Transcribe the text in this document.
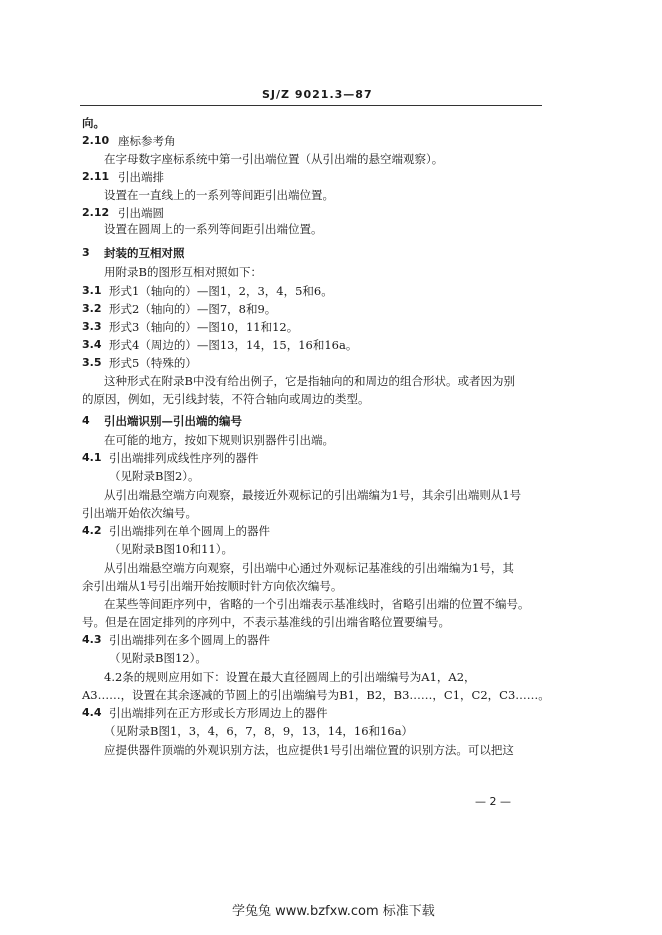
SJ/Z 9021.3—87
向。
2.10 座标参考角
在字母数字座标系统中第一引出端位置（从引出端的悬空端观察）。
2.11 引出端排
设置在一直线上的一系列等间距引出端位置。
2.12 引出端圆
设置在圆周上的一系列等间距引出端位置。
3 封装的互相对照
用附录B的图形互相对照如下：
3.1 形式1（轴向的）—图1，2，3，4，5和6。
3.2 形式2（轴向的）—图7，8和9。
3.3 形式3（轴向的）—图10，11和12。
3.4 形式4（周边的）—图13，14，15，16和16a。
3.5 形式5（特殊的）
这种形式在附录B中没有给出例子，它是指轴向的和周边的组合形状。或者因为别
的原因，例如，无引线封装，不符合轴向或周边的类型。
4 引出端识别—引出端的编号
在可能的地方，按如下规则识别器件引出端。
4.1 引出端排列成线性序列的器件
（见附录B图2）。
从引出端悬空端方向观察，最接近外观标记的引出端编为1号，其余引出端则从1号
引出端开始依次编号。
4.2 引出端排列在单个圆周上的器件
（见附录B图10和11）。
从引出端悬空端方向观察，引出端中心通过外观标记基准线的引出端编为1号，其
余引出端从1号引出端开始按顺时针方向依次编号。
在某些等间距序列中，省略的一个引出端表示基准线时，省略引出端的位置不编号。
号。但是在固定排列的序列中，不表示基准线的引出端省略位置要编号。
4.3 引出端排列在多个圆周上的器件
（见附录B图12）。
4.2条的规则应用如下：设置在最大直径圆周上的引出端编号为A1，A2，
A3……，设置在其余逐减的节圆上的引出端编号为B1，B2，B3……，C1，C2，C3……。
4.4 引出端排列在正方形或长方形周边上的器件
（见附录B图1，3，4，6，7，8，9，13，14，16和16a）
应提供器件顶端的外观识别方法，也应提供1号引出端位置的识别方法。可以把这
— 2 —
学兔兔 www.bzfxw.com 标准下载
